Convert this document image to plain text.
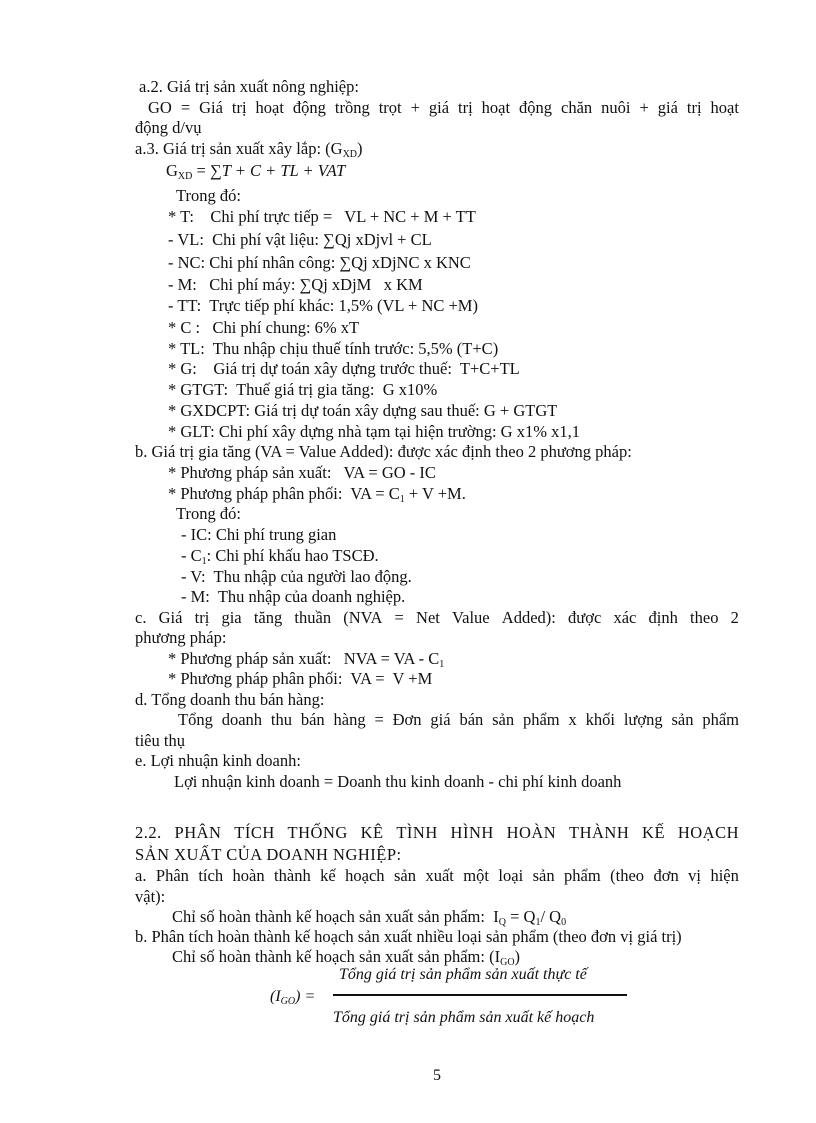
a.2. Giá trị sản xuất nông nghiệp:
GO = Giá trị hoạt động trồng trọt + giá trị hoạt động chăn nuôi + giá trị hoạt
động d/vụ
a.3. Giá trị sản xuất xây lắp: $(G_{XD})$
$G_{XD} = \sum T + C$ + TL + VAT
Trong đó:
* T:    Chi phí trực tiếp =   VL + NC + M + TT
- VL:  Chi phí vật liệu: ∑Qj xDjvl + CL
- NC: Chi phí nhân công: ∑Qj xDjNC x KNC
- M:   Chi phí máy: ∑Qj xDjM   x KM
- TT:  Trực tiếp phí khác: 1,5% (VL + NC +M)
* C :   Chi phí chung: 6% xT
* TL:  Thu nhập chịu thuế tính trước: 5,5% (T+C)
* G:    Giá trị dự toán xây dựng trước thuế:  T+C+TL
* GTGT:  Thuế giá trị gia tăng:  G x10%
* GXDCPT: Giá trị dự toán xây dựng sau thuế: G + GTGT
* GLT: Chi phí xây dựng nhà tạm tại hiện trường: G x1% x1,1
b. Giá trị gia tăng (VA = Value Added): được xác định theo 2 phương pháp:
* Phương pháp sản xuất:   VA = GO - IC
* Phương pháp phân phối:  VA = $C_1 + V +M$.
Trong đó:
- IC: Chi phí trung gian
- $C_1$: Chi phí khấu hao TSCĐ.
- V:  Thu nhập của người lao động.
- M:  Thu nhập của doanh nghiệp.
c. Giá trị gia tăng thuần (NVA = Net Value Added): được xác định theo 2
phương pháp:
* Phương pháp sản xuất:   NVA = VA - $C_1$
* Phương pháp phân phối:  VA =  V +M
d. Tổng doanh thu bán hàng:
Tổng doanh thu bán hàng = Đơn giá bán sản phẩm x khối lượng sản phẩm
tiêu thụ
e. Lợi nhuận kinh doanh:
Lợi nhuận kinh doanh = Doanh thu kinh doanh - chi phí kinh doanh
2.2. PHÂN TÍCH THỐNG KÊ TÌNH HÌNH HOÀN THÀNH KẾ HOẠCH
SẢN XUẤT CỦA DOANH NGHIỆP:
a. Phân tích hoàn thành kế hoạch sản xuất một loại sản phẩm (theo đơn vị hiện
vật):
Chỉ số hoàn thành kế hoạch sản xuất sản phẩm:  $I_Q = Q_1/$ $Q_0$
b. Phân tích hoàn thành kế hoạch sản xuất nhiều loại sản phẩm (theo đơn vị giá trị)
Chỉ số hoàn thành kế hoạch sản xuất sản phẩm: $(I_{GO})$
$(I_{GO})$ =
Tổng giá trị sản phẩm sản xuất thực tế
Tổng giá trị sản phẩm sản xuất kế hoạch
5
